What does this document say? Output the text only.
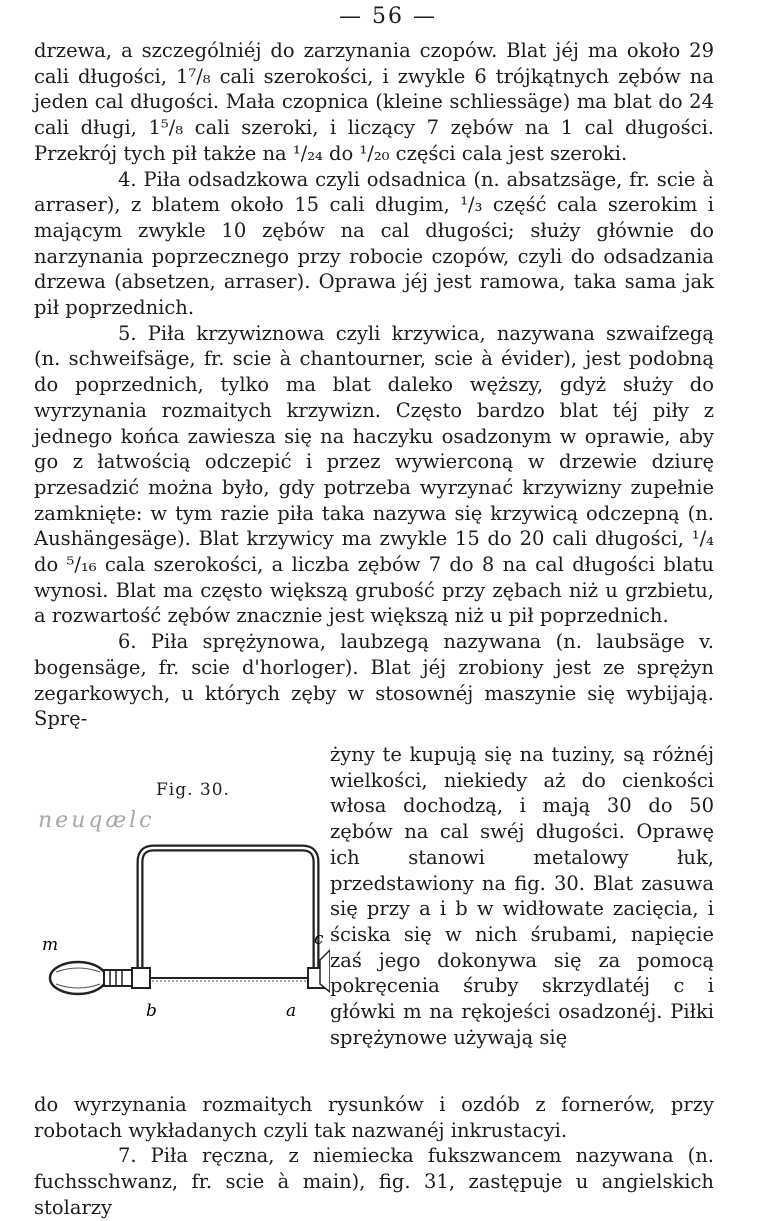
— 56 —

drzewa, a szczególniéj do zarzynania czopów. Blat jéj ma około 29 cali długości, 1⁷/₈ cali szerokości, i zwykle 6 trójkątnych zębów na jeden cal długości. Mała czopnica (kleine schliessäge) ma blat do 24 cali długi, 1⁵/₈ cali szeroki, i liczący 7 zębów na 1 cal długości. Przekrój tych pił także na ¹/₂₄ do ¹/₂₀ części cala jest szeroki.

4. Piła odsadzkowa czyli odsadnica (n. absatzsäge, fr. scie à arraser), z blatem około 15 cali długim, ¹/₃ część cala szerokim i mającym zwykle 10 zębów na cal długości; służy głównie do narzynania poprzecznego przy robocie czopów, czyli do odsadzania drzewa (absetzen, arraser). Oprawa jéj jest ramowa, taka sama jak pił poprzednich.

5. Piła krzywiznowa czyli krzywica, nazywana szwaifzegą (n. schweifsäge, fr. scie à chantourner, scie à évider), jest podobną do poprzednich, tylko ma blat daleko węższy, gdyż służy do wyrzynania rozmaitych krzywizn. Często bardzo blat téj piły z jednego końca zawiesza się na haczyku osadzonym w oprawie, aby go z łatwością odczepić i przez wywierconą w drzewie dziurę przesadzić można było, gdy potrzeba wyrzynać krzywizny zupełnie zamknięte: w tym razie piła taka nazywa się krzywicą odczepną (n. Aushängesäge). Blat krzywicy ma zwykle 15 do 20 cali długości, ¹/₄ do ⁵/₁₆ cala szerokości, a liczba zębów 7 do 8 na cal długości blatu wynosi. Blat ma często większą grubość przy zębach niż u grzbietu, a rozwartość zębów znacznie jest większą niż u pił poprzednich.

6. Piła sprężynowa, laubzegą nazywana (n. laubsäge v. bogensäge, fr. scie d'horloger). Blat jéj zrobiony jest ze sprężyn zegarkowych, u których zęby w stosownéj maszynie się wybijają. Sprę-

Fig. 30.
пеиqӕlc
m
b	a
c

żyny te kupują się na tuziny, są różnéj wielkości, niekiedy aż do cienkości włosa dochodzą, i mają 30 do 50 zębów na cal swéj długości. Oprawę ich stanowi metalowy łuk, przedstawiony na fig. 30. Blat zasuwa się przy a i b w widłowate zacięcia, i ściska się w nich śrubami, napięcie zaś jego dokonywa się za pomocą pokręcenia śruby skrzydlatéj c i główki m na rękojeści osadzonéj. Piłki sprężynowe używają się

do wyrzynania rozmaitych rysunków i ozdób z fornerów, przy robotach wykładanych czyli tak nazwanéj inkrustacyi.

7. Piła ręczna, z niemiecka fukszwancem nazywana (n. fuchsschwanz, fr. scie à main), fig. 31, zastępuje u angielskich stolarzy
